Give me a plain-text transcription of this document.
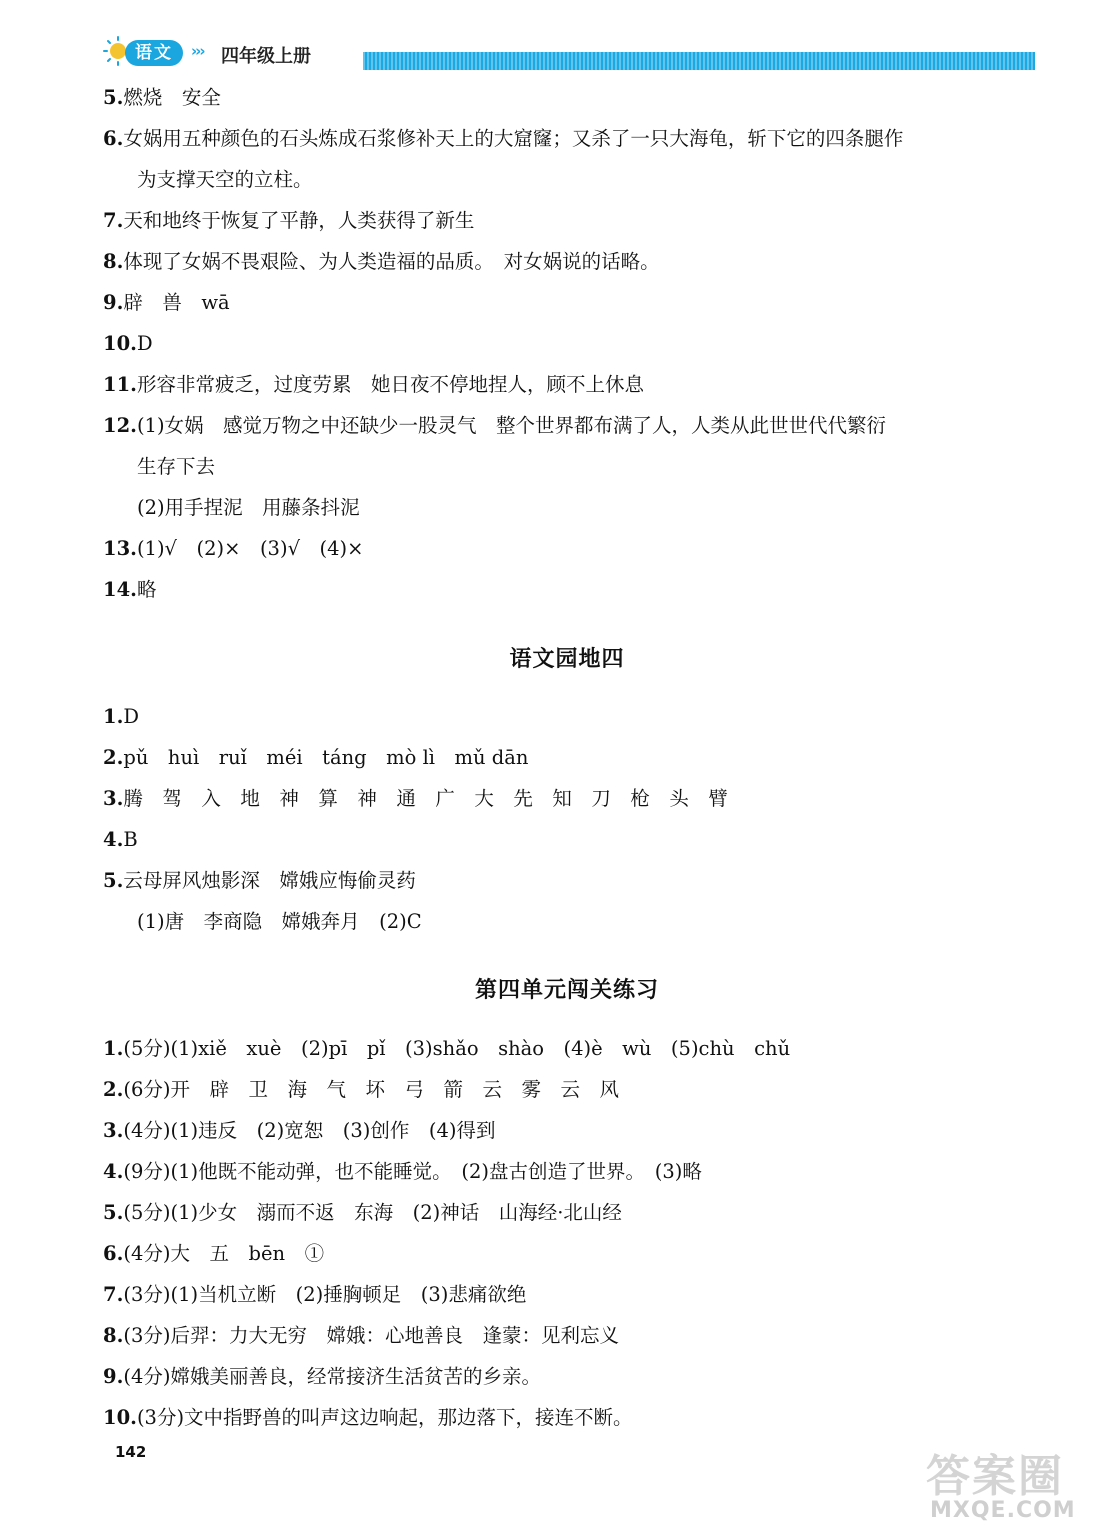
语文	››› 四年级上册
5.燃烧　安全
6.女娲用五种颜色的石头炼成石浆修补天上的大窟窿；又杀了一只大海龟，斩下它的四条腿作
为支撑天空的立柱。
7.天和地终于恢复了平静，人类获得了新生
8.体现了女娲不畏艰险、为人类造福的品质。　对女娲说的话略。
9.辟　兽　wā
10.D
11.形容非常疲乏，过度劳累　她日夜不停地捏人，顾不上休息
12.(1)女娲　感觉万物之中还缺少一股灵气　整个世界都布满了人，人类从此世世代代繁衍
生存下去
(2)用手捏泥　用藤条抖泥
13.(1)√　(2)×　(3)√　(4)×
14.略
语文园地四
1.D
2.pǔ　huì　ruǐ　méi　táng　mò lì　mǔ dān
3.腾　驾　入　地　神　算　神　通　广　大　先　知　刀　枪　头　臂
4.B
5.云母屏风烛影深　嫦娥应悔偷灵药
(1)唐　李商隐　嫦娥奔月　(2)C
第四单元闯关练习
1.(5分)(1)xiě　xuè　(2)pī　pǐ　(3)shǎo　shào　(4)è　wù　(5)chù　chǔ
2.(6分)开　辟　卫　海　气　坏　弓　箭　云　雾　云　风
3.(4分)(1)违反　(2)宽恕　(3)创作　(4)得到
4.(9分)(1)他既不能动弹，也不能睡觉。　(2)盘古创造了世界。　(3)略
5.(5分)(1)少女　溺而不返　东海　(2)神话　山海经·北山经
6.(4分)大　五　bēn　①
7.(3分)(1)当机立断　(2)捶胸顿足　(3)悲痛欲绝
8.(3分)后羿：力大无穷　嫦娥：心地善良　逢蒙：见利忘义
9.(4分)嫦娥美丽善良，经常接济生活贫苦的乡亲。
10.(3分)文中指野兽的叫声这边响起，那边落下，接连不断。
142	答案圈
MXQE.COM
